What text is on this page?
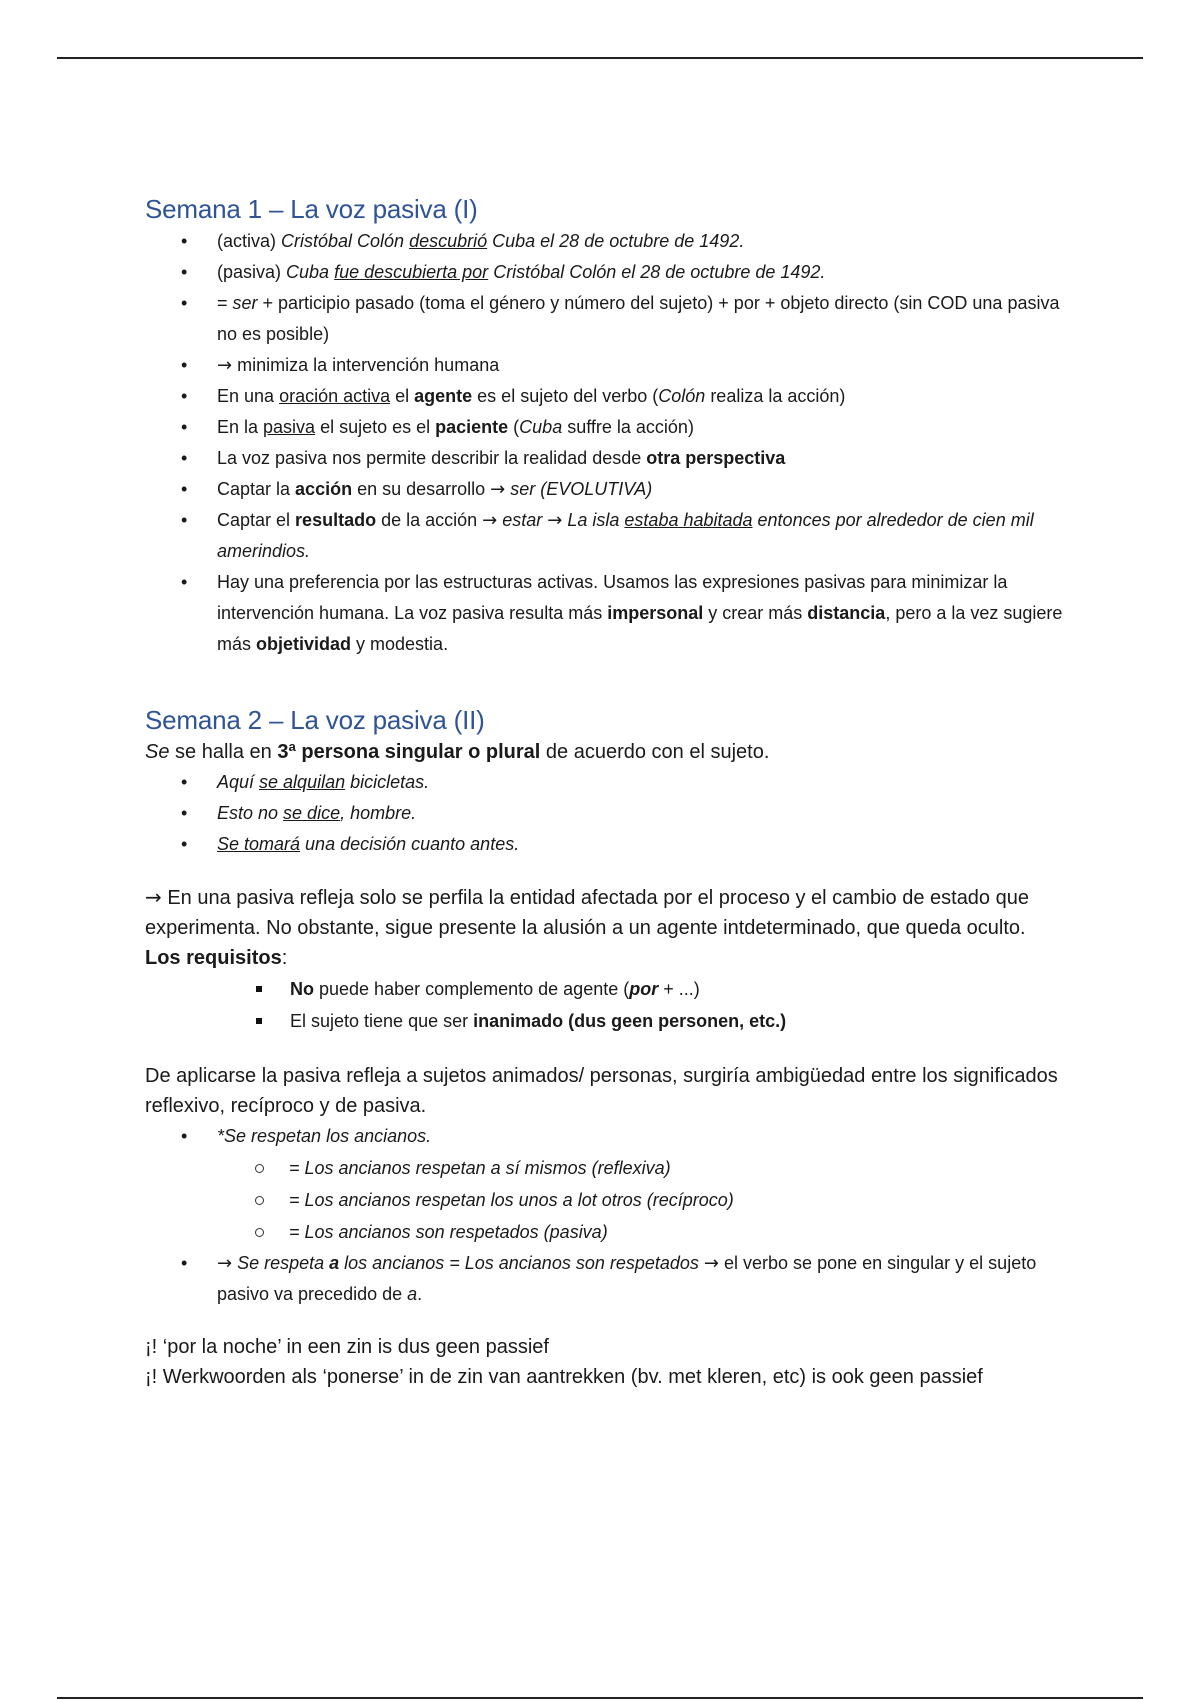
Semana 1 – La voz pasiva (I)
• (activa) Cristóbal Colón descubrió Cuba el 28 de octubre de 1492.
• (pasiva) Cuba fue descubierta por Cristóbal Colón el 28 de octubre de 1492.
• = ser + participio pasado (toma el género y número del sujeto) + por + objeto directo (sin COD una pasiva no es posible)
• → minimiza la intervención humana
• En una oración activa el agente es el sujeto del verbo (Colón realiza la acción)
• En la pasiva el sujeto es el paciente (Cuba suffre la acción)
• La voz pasiva nos permite describir la realidad desde otra perspectiva
• Captar la acción en su desarrollo → ser (EVOLUTIVA)
• Captar el resultado de la acción → estar → La isla estaba habitada entonces por alrededor de cien mil amerindios.
• Hay una preferencia por las estructuras activas. Usamos las expresiones pasivas para minimizar la intervención humana. La voz pasiva resulta más impersonal y crear más distancia, pero a la vez sugiere más objetividad y modestia.
Semana 2 – La voz pasiva (II)

Se se halla en 3ª persona singular o plural de acuerdo con el sujeto.

• Aquí se alquilan bicicletas.
• Esto no se dice, hombre.
• Se tomará una decisión cuanto antes.

→ En una pasiva refleja solo se perfila la entidad afectada por el proceso y el cambio de estado que experimenta. No obstante, sigue presente la alusión a un agente intdeterminado, que queda oculto.

Los requisitos:

No puede haber complemento de agente (por + ...)
El sujeto tiene que ser inanimado (dus geen personen, etc.)

De aplicarse la pasiva refleja a sujetos animados/ personas, surgiría ambigüedad entre los significados reflexivo, recíproco y de pasiva.

• *Se respetan los ancianos.
= Los ancianos respetan a sí mismos (reflexiva)
= Los ancianos respetan los unos a lot otros (recíproco)
= Los ancianos son respetados (pasiva)
• → Se respeta a los ancianos = Los ancianos son respetados → el verbo se pone en singular y el sujeto pasivo va precedido de a.

¡! ‘por la noche’ in een zin is dus geen passief

¡! Werkwoorden als ‘ponerse’ in de zin van aantrekken (bv. met kleren, etc) is ook geen passief
